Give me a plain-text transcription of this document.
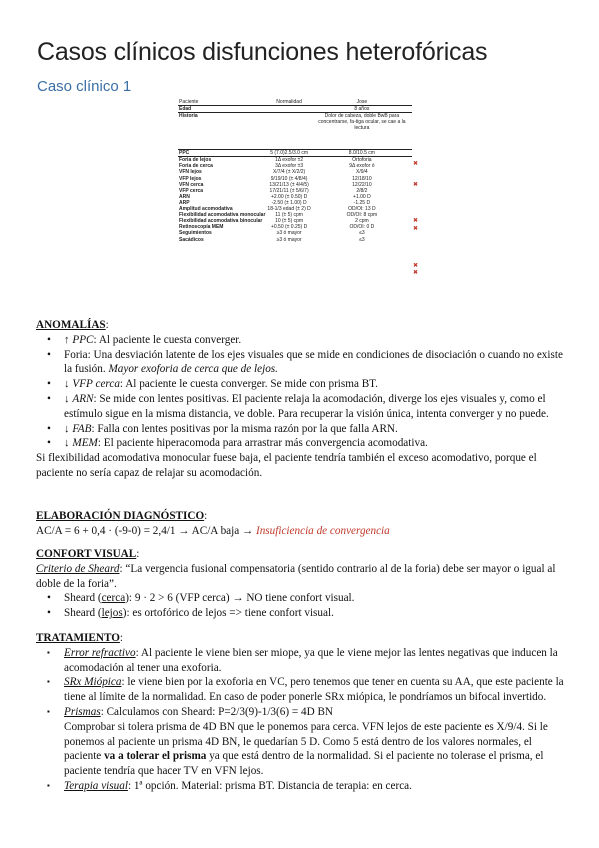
Casos clínicos disfunciones heterofóricas
Caso clínico 1
Paciente	Normalidad	Jose
Edad		8 años
Historia		Dolor de cabeza, doble BwB para concentrarse, fa-tiga ocular, se cae a la lectura
PPC	5 (7.0)2.5/3.0 cm	8.0/10.5 cm
Foria de lejos	1Δ exofor ±2	Ortoforia
Foria de cerca	3Δ exofor ±3	9Δ exofor ó
VFN lejos	X/7/4 (± X/2/2)	X/9/4
VFP lejos	9/19/10 (± 4/8/4)	12/18/10
VFN cerca	13/21/13 (± 4/4/5)	12/22/10
VFP cerca	17/21/11 (± 5/6/7)	2/8/2
ARN	+2.00 (± 0.50) D	+1.00 D
ARP	-2.50 (± 1.00) D	-1.25 D
Amplitud acomodativa	18-1/3 edad (± 2) D	OD/OI: 13 D
Flexibilidad acomodativa monocular	11 (± 5) cpm	OD/OI: 8 cpm
Flexibilidad acomodativa binocular	10 (± 5) cpm	2 cpm
Retinoscopía MEM	+0.50 (± 0.25) D	OD/OI: 0 D
Seguimientos	≥3 ó mayor	≤3
Sacádicos	≥3 ó mayor	≤3
✖
✖
✖
✖
✖
✖
ANOMALÍAS:
• ↑ PPC: Al paciente le cuesta converger.
• Foria: Una desviación latente de los ejes visuales que se mide en condiciones de disociación o cuando no existe la fusión. Mayor exoforia de cerca que de lejos.
• ↓ VFP cerca: Al paciente le cuesta converger. Se mide con prisma BT.
• ↓ ARN: Se mide con lentes positivas. El paciente relaja la acomodación, diverge los ejes visuales y, como el estímulo sigue en la misma distancia, ve doble. Para recuperar la visión única, intenta converger y no puede.
• ↓ FAB: Falla con lentes positivas por la misma razón por la que falla ARN.
• ↓ MEM: El paciente hiperacomoda para arrastrar más convergencia acomodativa.
Si flexibilidad acomodativa monocular fuese baja, el paciente tendría también el exceso acomodativo, porque el paciente no sería capaz de relajar su acomodación.
ELABORACIÓN DIAGNÓSTICO:
AC/A = 6 + 0,4 · (-9-0) = 2,4/1 → AC/A baja → Insuficiencia de convergencia
CONFORT VISUAL:
Criterio de Sheard: “La vergencia fusional compensatoria (sentido contrario al de la foria) debe ser mayor o igual al doble de la foria”.
• Sheard (cerca): 9 · 2 > 6 (VFP cerca) → NO tiene confort visual.
• Sheard (lejos): es ortofórico de lejos => tiene confort visual.
TRATAMIENTO:
▪ Error refractivo: Al paciente le viene bien ser miope, ya que le viene mejor las lentes negativas que inducen la acomodación al tener una exoforia.
▪ SRx Miópica: le viene bien por la exoforia en VC, pero tenemos que tener en cuenta su AA, que este paciente la tiene al límite de la normalidad. En caso de poder ponerle SRx miópica, le pondríamos un bifocal invertido.
▪ Prismas: Calculamos con Sheard: P=2/3(9)-1/3(6) = 4D BN
Comprobar si tolera prisma de 4D BN que le ponemos para cerca. VFN lejos de este paciente es X/9/4. Si le ponemos al paciente un prisma 4D BN, le quedarían 5 D. Como 5 está dentro de los valores normales, el paciente va a tolerar el prisma ya que está dentro de la normalidad. Si el paciente no tolerase el prisma, el paciente tendría que hacer TV en VFN lejos.
▪ Terapia visual: 1ª opción. Material: prisma BT. Distancia de terapia: en cerca.
